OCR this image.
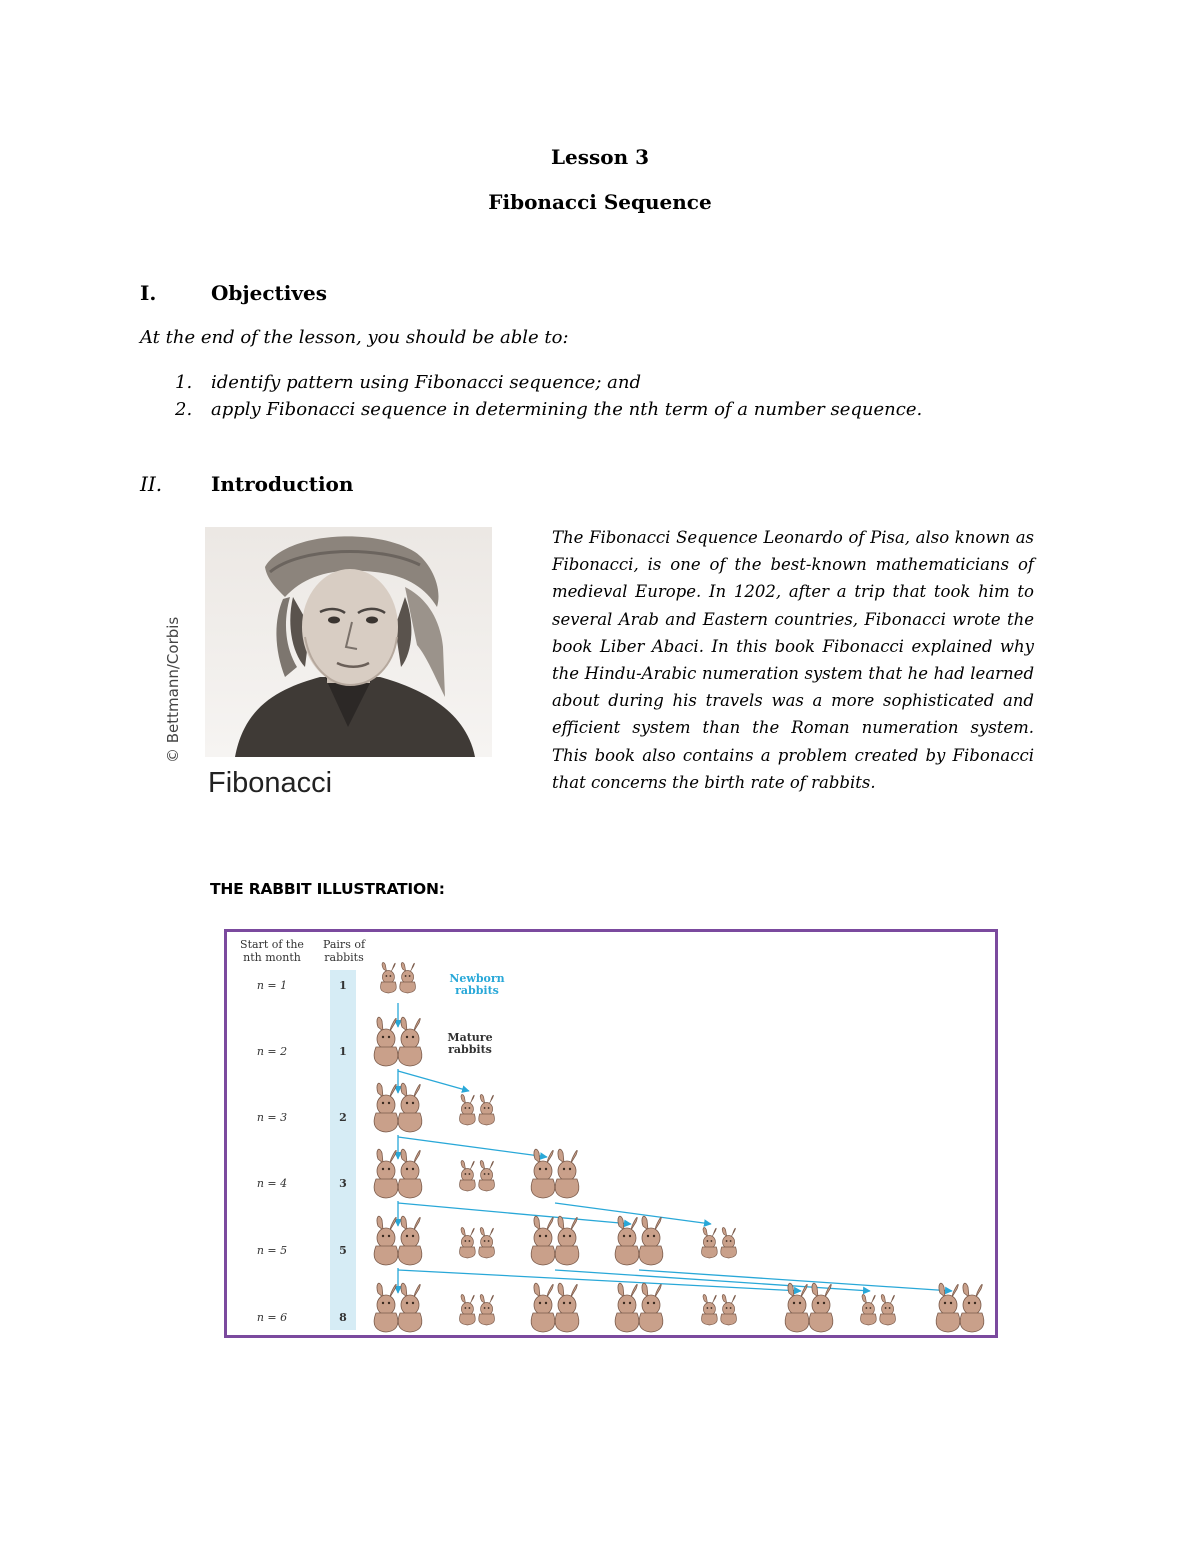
Lesson 3
Fibonacci Sequence
I.	Objectives
At the end of the lesson, you should be able to:
1. identify pattern using Fibonacci sequence; and
2. apply Fibonacci sequence in determining the nth term of a number sequence.
II. Introduction
© Bettmann/Corbis
Fibonacci
The Fibonacci Sequence Leonardo of Pisa, also known as Fibonacci, is one of the best-known mathematicians of medieval Europe. In 1202, after a trip that took him to several Arab and Eastern countries, Fibonacci wrote the book Liber Abaci. In this book Fibonacci explained why the Hindu-Arabic numeration system that he had learned about during his travels was a more sophisticated and efficient system than the Roman numeration system. This book also contains a problem created by Fibonacci that concerns the birth rate of rabbits.
THE RABBIT ILLUSTRATION:
Start of the nth month
Pairs of rabbits
Newborn rabbits
Mature rabbits
n = 1	1
n = 2	1
n = 3	2
n = 4	3
n = 5	5
n = 6	8
